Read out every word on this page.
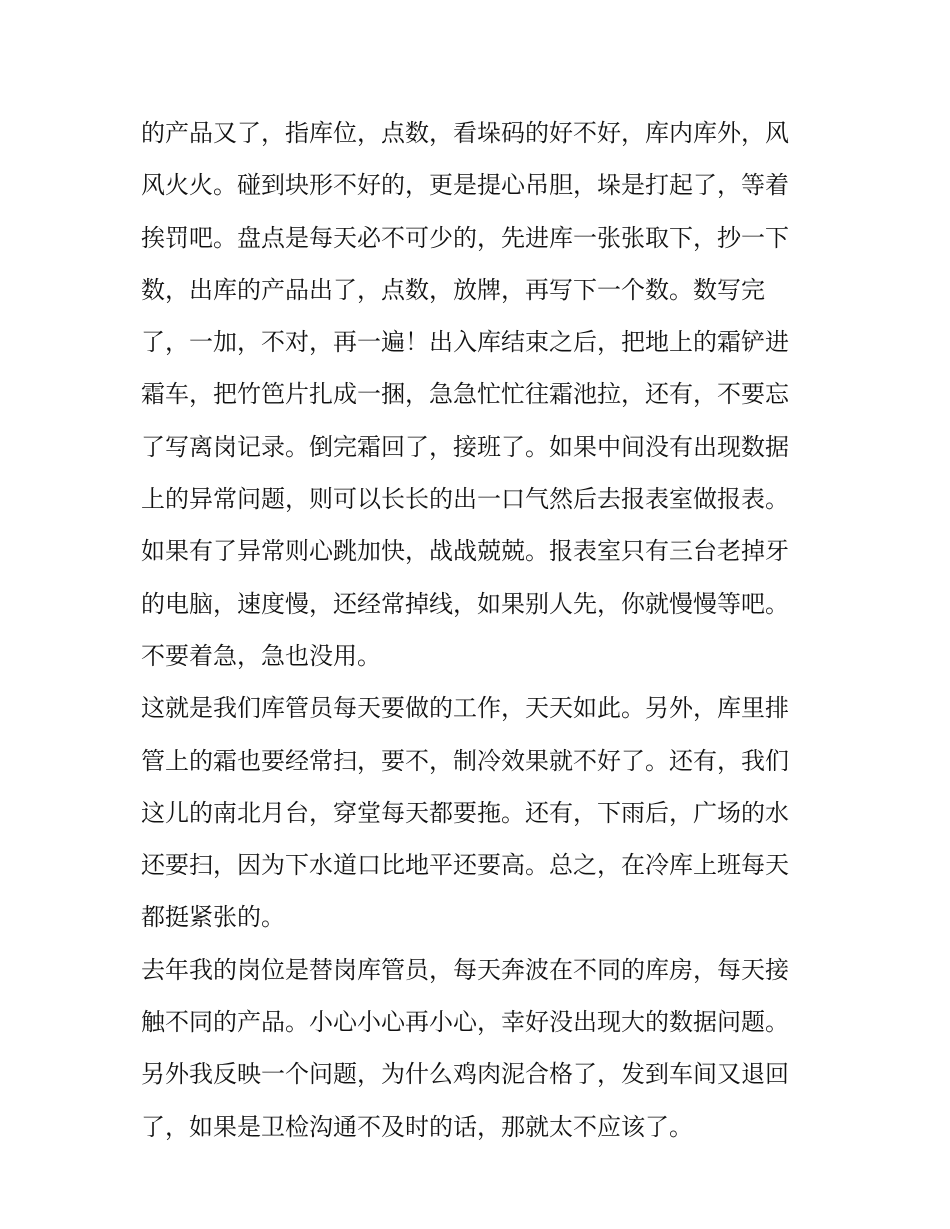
的产品又了，指库位，点数，看垛码的好不好，库内库外，风
风火火。碰到块形不好的，更是提心吊胆，垛是打起了，等着
挨罚吧。盘点是每天必不可少的，先进库一张张取下，抄一下
数，出库的产品出了，点数，放牌，再写下一个数。数写完
了，一加，不对，再一遍！出入库结束之后，把地上的霜铲进
霜车，把竹笆片扎成一捆，急急忙忙往霜池拉，还有，不要忘
了写离岗记录。倒完霜回了，接班了。如果中间没有出现数据
上的异常问题，则可以长长的出一口气然后去报表室做报表。
如果有了异常则心跳加快，战战兢兢。报表室只有三台老掉牙
的电脑，速度慢，还经常掉线，如果别人先，你就慢慢等吧。
不要着急，急也没用。
这就是我们库管员每天要做的工作，天天如此。另外，库里排
管上的霜也要经常扫，要不，制冷效果就不好了。还有，我们
这儿的南北月台，穿堂每天都要拖。还有，下雨后，广场的水
还要扫，因为下水道口比地平还要高。总之，在冷库上班每天
都挺紧张的。
去年我的岗位是替岗库管员，每天奔波在不同的库房，每天接
触不同的产品。小心小心再小心，幸好没出现大的数据问题。
另外我反映一个问题，为什么鸡肉泥合格了，发到车间又退回
了，如果是卫检沟通不及时的话，那就太不应该了。
